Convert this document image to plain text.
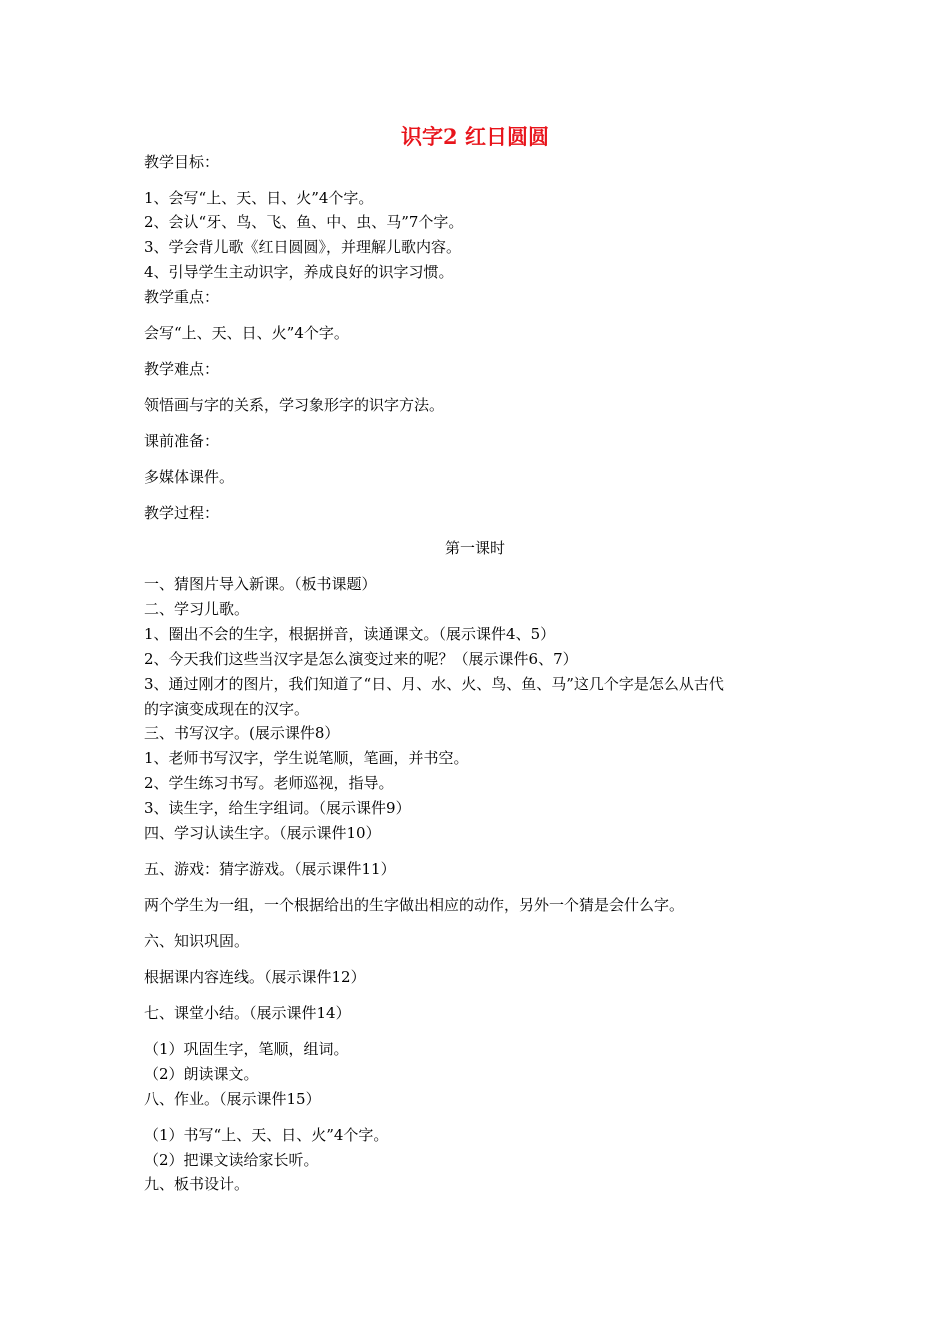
识字2 红日圆圆
教学目标：
1、会写“上、天、日、火”4个字。
2、会认“牙、鸟、飞、鱼、中、虫、马”7个字。
3、学会背儿歌《红日圆圆》，并理解儿歌内容。
4、引导学生主动识字，养成良好的识字习惯。
教学重点：
会写“上、天、日、火”4个字。
教学难点：
领悟画与字的关系，学习象形字的识字方法。
课前准备：
多媒体课件。
教学过程：
第一课时
一、猜图片导入新课。（板书课题）
二、学习儿歌。
1、圈出不会的生字，根据拼音，读通课文。（展示课件4、5）
2、今天我们这些当汉字是怎么演变过来的呢？（展示课件6、7）
3、通过刚才的图片，我们知道了“日、月、水、火、鸟、鱼、马”这几个字是怎么从古代
的字演变成现在的汉字。
三、书写汉字。(展示课件8）
1、老师书写汉字，学生说笔顺，笔画，并书空。
2、学生练习书写。老师巡视，指导。
3、读生字，给生字组词。（展示课件9）
四、学习认读生字。（展示课件10）
五、游戏：猜字游戏。（展示课件11）
两个学生为一组，一个根据给出的生字做出相应的动作，另外一个猜是会什么字。
六、知识巩固。
根据课内容连线。（展示课件12）
七、课堂小结。（展示课件14）
（1）巩固生字，笔顺，组词。
（2）朗读课文。
八、作业。（展示课件15）
（1）书写“上、天、日、火”4个字。
（2）把课文读给家长听。
九、板书设计。
